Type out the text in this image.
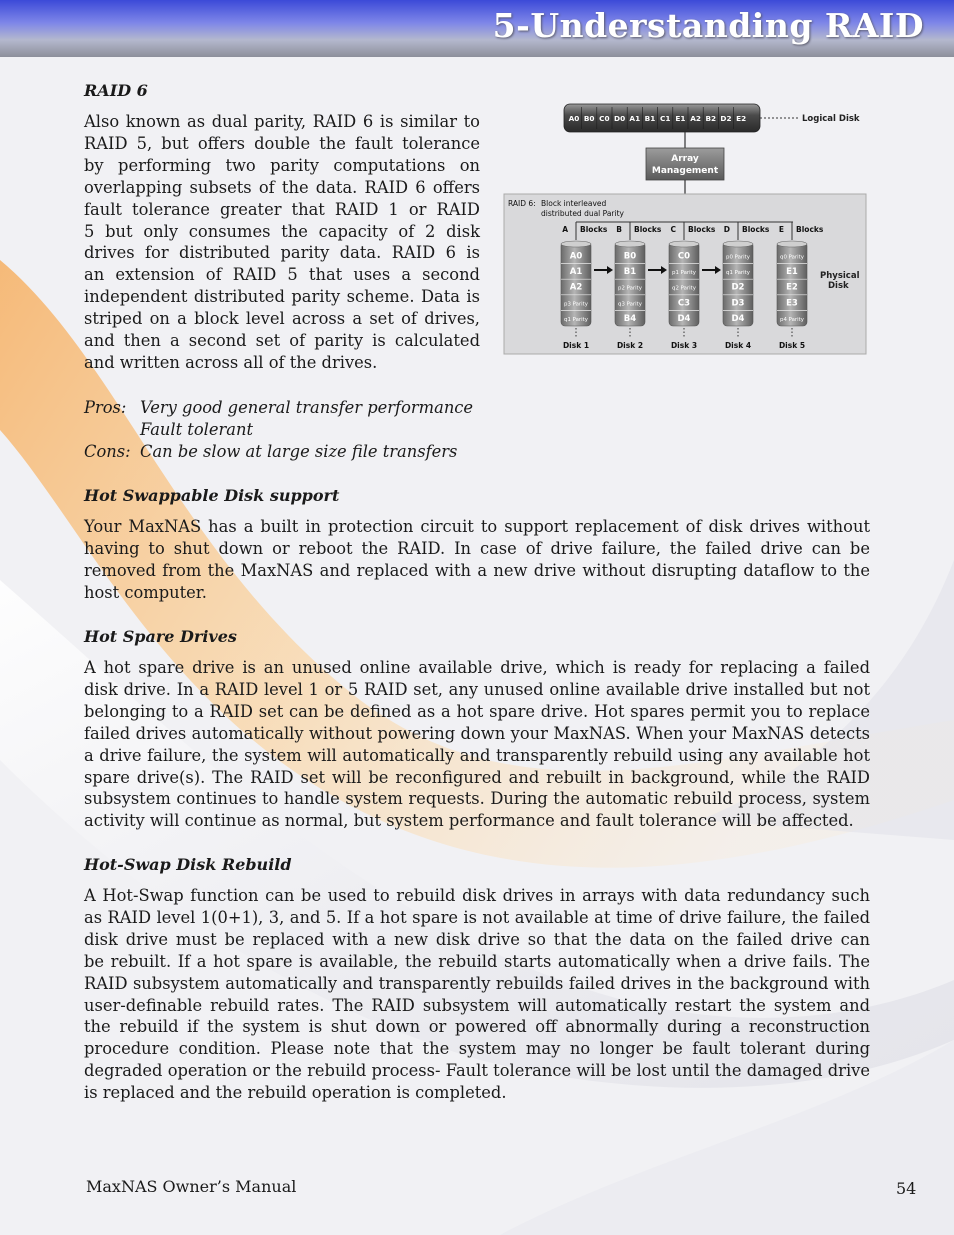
5-Understanding RAID
RAID 6
Also known as dual parity, RAID 6 is similar to
RAID 5, but offers double the fault tolerance
by performing two parity computations on
overlapping subsets of the data. RAID 6 offers
fault tolerance greater that RAID 1 or RAID
5 but only consumes the capacity of 2 disk
drives for distributed parity data. RAID 6 is
an extension of RAID 5 that uses a second
independent distributed parity scheme. Data is
striped on a block level across a set of drives,
and then a second set of parity is calculated
and written across all of the drives.
Pros: Very good general transfer performance
Fault tolerant
Cons: Can be slow at large size file transfers
A0 B0 C0 D0 A1 B1 C1 E1 A2 B2 D2 E2	Logical Disk
Array
Management
RAID 6: Block interleaved
distributed dual Parity
A Blocks
A0
A1
A2
p3 Parity
q1 Parity
Disk 1
B Blocks
B0
B1
p2 Parity
q3 Parity
B4
Disk 2
C Blocks
C0
p1 Parity
q2 Parity
C3
D4
Disk 3
D Blocks
p0 Parity
q1 Parity
D2
D3
D4
Disk 4
E Blocks
q0 Parity
E1
E2
E3
p4 Parity
Disk 5
Physical
Disk
Hot Swappable Disk support
Your MaxNAS has a built in protection circuit to support replacement of disk drives without
having to shut down or reboot the RAID. In case of drive failure, the failed drive can be
removed from the MaxNAS and replaced with a new drive without disrupting dataflow to the
host computer.
Hot Spare Drives
A hot spare drive is an unused online available drive, which is ready for replacing a failed
disk drive. In a RAID level 1 or 5 RAID set, any unused online available drive installed but not
belonging to a RAID set can be defined as a hot spare drive. Hot spares permit you to replace
failed drives automatically without powering down your MaxNAS. When your MaxNAS detects
a drive failure, the system will automatically and transparently rebuild using any available hot
spare drive(s). The RAID set will be reconfigured and rebuilt in background, while the RAID
subsystem continues to handle system requests. During the automatic rebuild process, system
activity will continue as normal, but system performance and fault tolerance will be affected.
Hot-Swap Disk Rebuild
A Hot-Swap function can be used to rebuild disk drives in arrays with data redundancy such
as RAID level 1(0+1), 3, and 5. If a hot spare is not available at time of drive failure, the failed
disk drive must be replaced with a new disk drive so that the data on the failed drive can
be rebuilt. If a hot spare is available, the rebuild starts automatically when a drive fails. The
RAID subsystem automatically and transparently rebuilds failed drives in the background with
user-definable rebuild rates. The RAID subsystem will automatically restart the system and
the rebuild if the system is shut down or powered off abnormally during a reconstruction
procedure condition. Please note that the system may no longer be fault tolerant during
degraded operation or the rebuild process- Fault tolerance will be lost until the damaged drive
is replaced and the rebuild operation is completed.
MaxNAS Owner’s Manual	54
